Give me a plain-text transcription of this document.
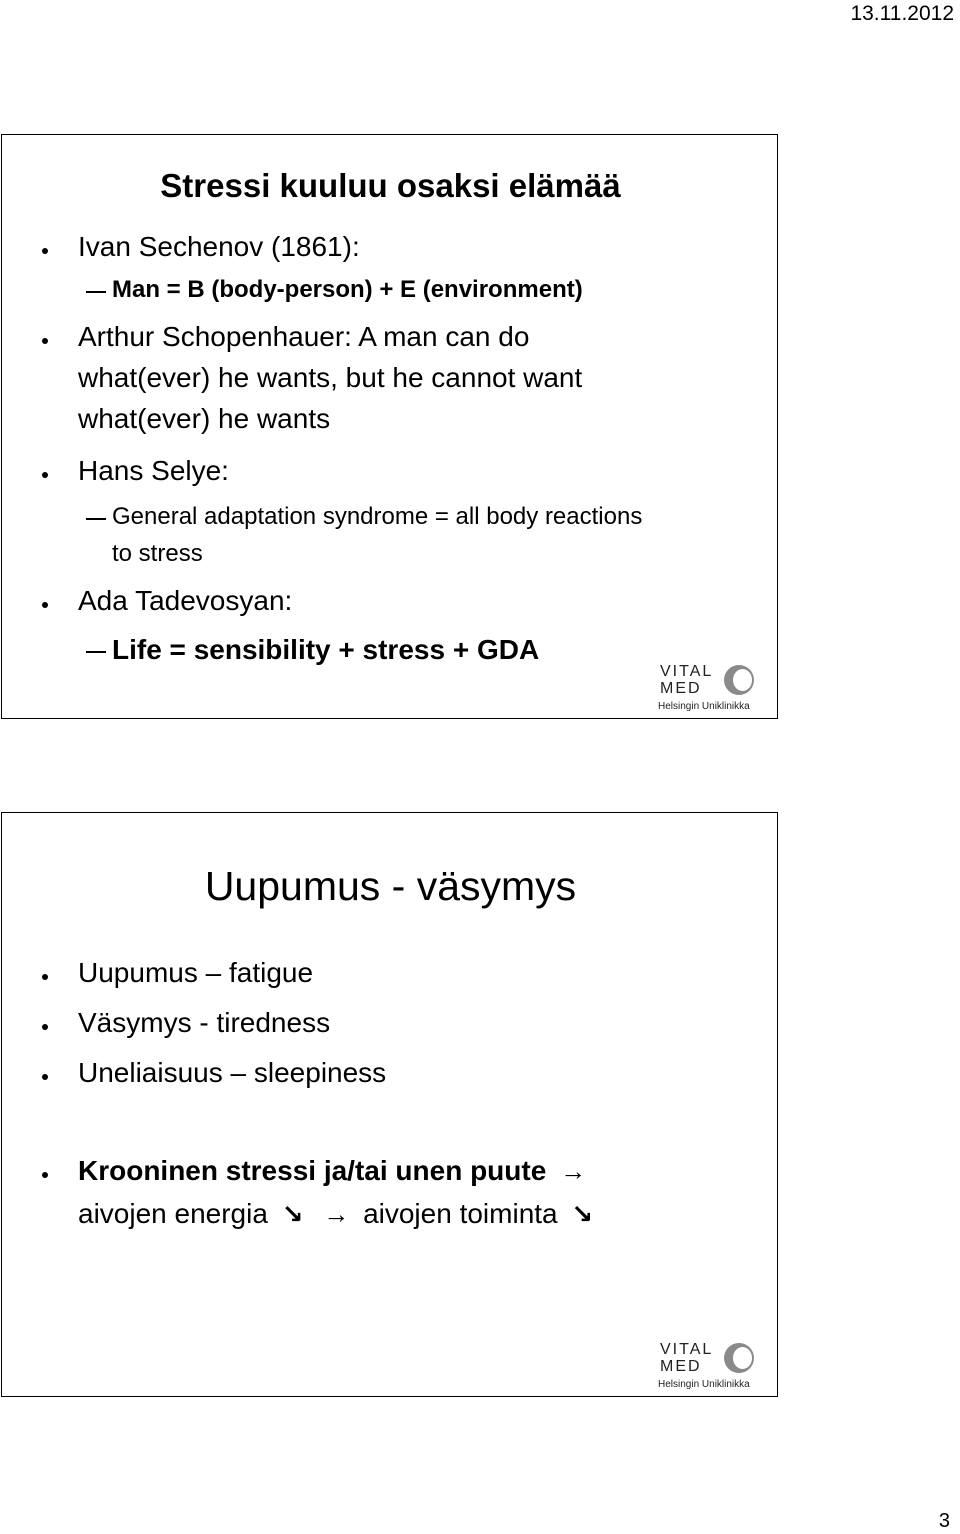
13.11.2012
Stressi kuuluu osaksi elämää
Ivan Sechenov (1861):
Man = B (body-person) + E (environment)
Arthur Schopenhauer: A man can do
what(ever) he wants, but he cannot want
what(ever) he wants
Hans Selye:
General adaptation syndrome = all body reactions
to stress
Ada Tadevosyan:
Life = sensibility + stress + GDA
VITAL
MED
Helsingin Uniklinikka
Uupumus - väsymys
Uupumus – fatigue
Väsymys - tiredness
Uneliaisuus – sleepiness
Krooninen stressi ja/tai unen puute →
aivojen energia ↘ → aivojen toiminta ↘
VITAL
MED
Helsingin Uniklinikka
3
